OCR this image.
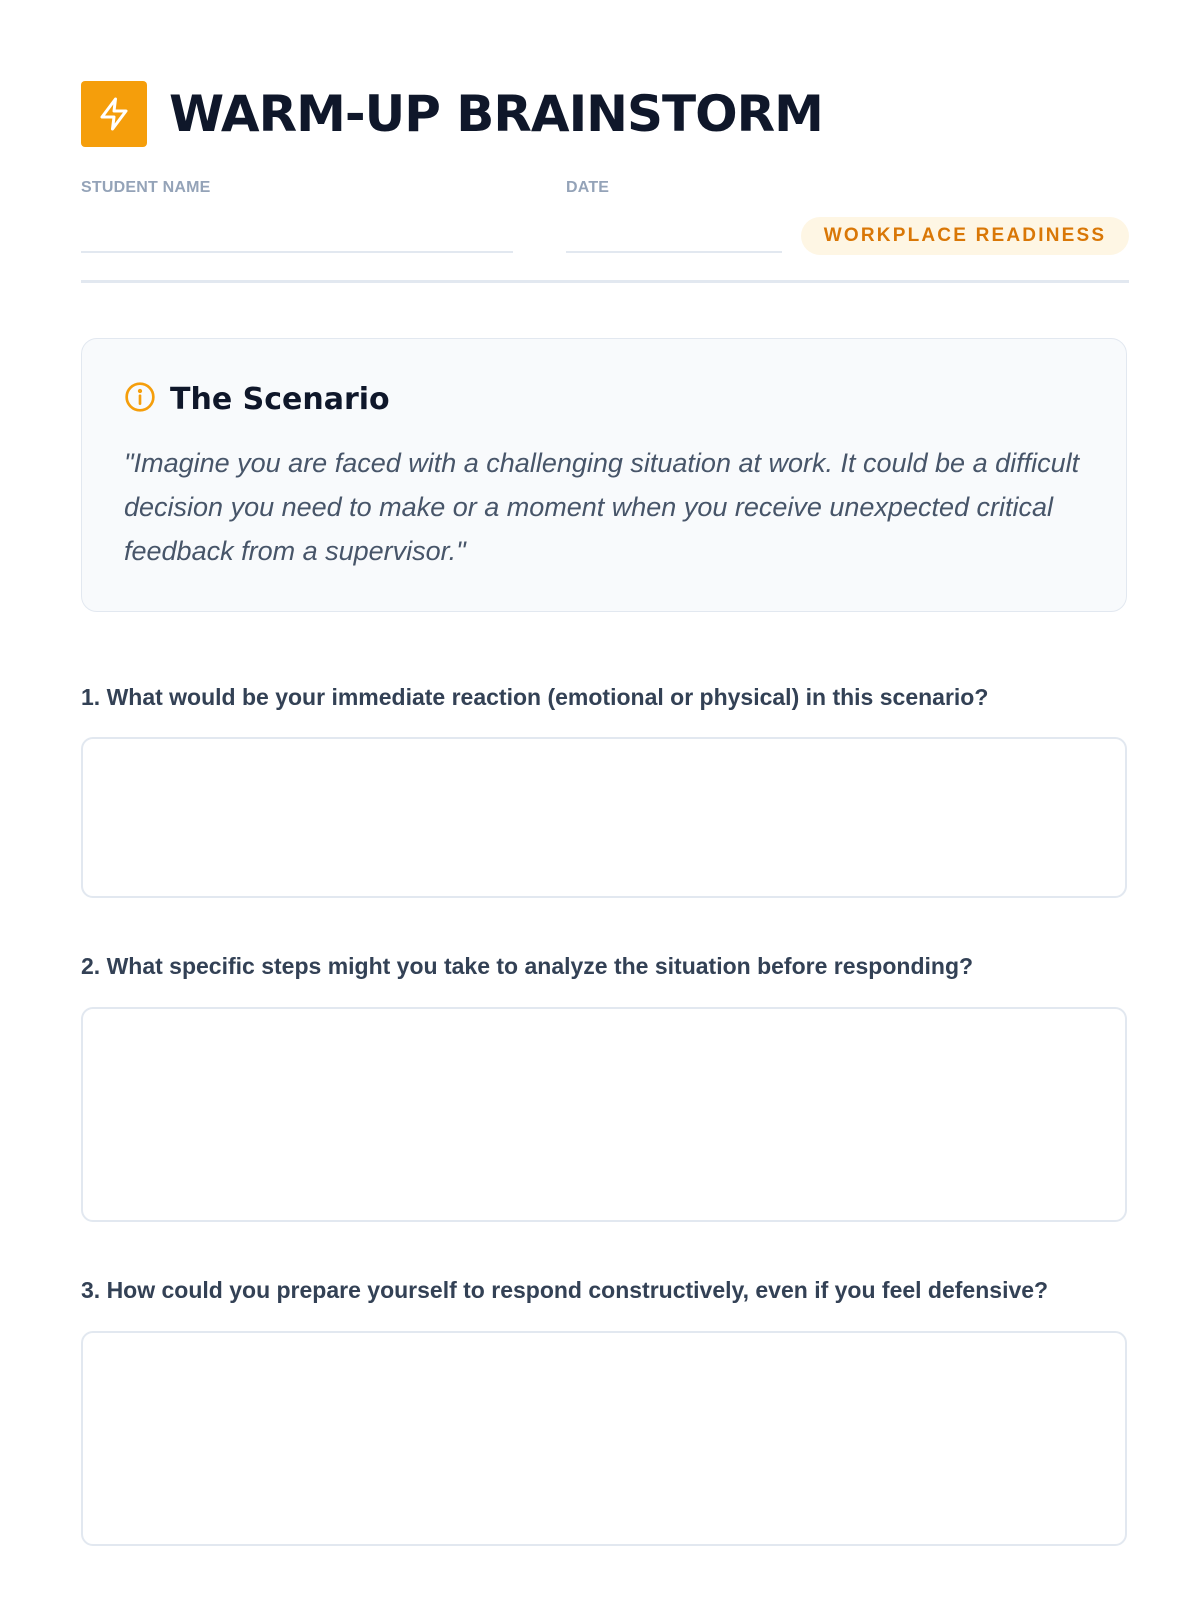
WARM-UP BRAINSTORM
STUDENT NAME	DATE
WORKPLACE READINESS
The Scenario

"Imagine you are faced with a challenging situation at work. It could be a difficult decision you need to make or a moment when you receive unexpected critical feedback from a supervisor."

1. What would be your immediate reaction (emotional or physical) in this scenario?

2. What specific steps might you take to analyze the situation before responding?

3. How could you prepare yourself to respond constructively, even if you feel defensive?
